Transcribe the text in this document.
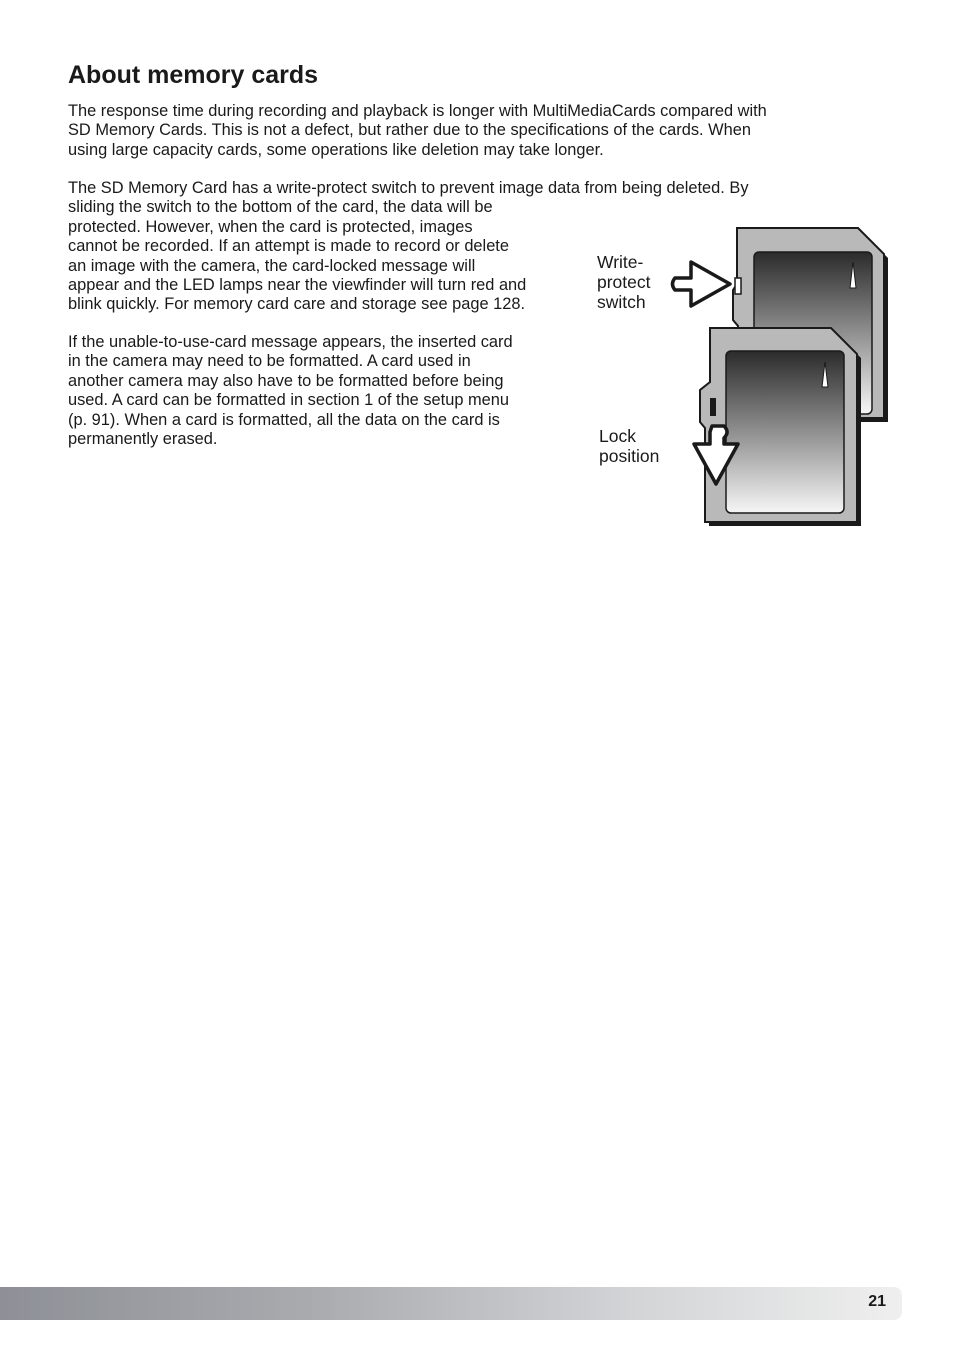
About memory cards

The response time during recording and playback is longer with MultiMediaCards compared with
SD Memory Cards. This is not a defect, but rather due to the specifications of the cards. When
using large capacity cards, some operations like deletion may take longer.

The SD Memory Card has a write-protect switch to prevent image data from being deleted. By
sliding the switch to the bottom of the card, the data will be
protected. However, when the card is protected, images
cannot be recorded. If an attempt is made to record or delete
an image with the camera, the card-locked message will
appear and the LED lamps near the viewfinder will turn red and
blink quickly. For memory card care and storage see page 128.

If the unable-to-use-card message appears, the inserted card
in the camera may need to be formatted. A card used in
another camera may also have to be formatted before being
used. A card can be formatted in section 1 of the setup menu
(p. 91). When a card is formatted, all the data on the card is
permanently erased.

Write-
protect
switch
Lock
position
21
